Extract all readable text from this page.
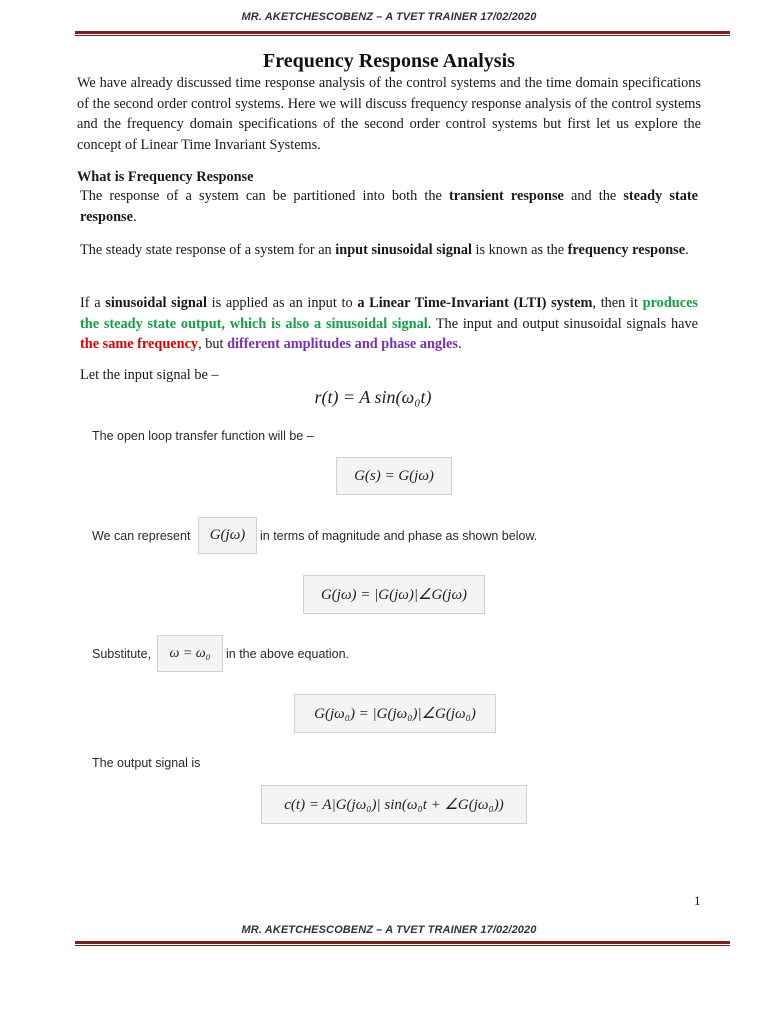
MR. AKETCHESCOBENZ – A TVET TRAINER 17/02/2020
Frequency Response Analysis
We have already discussed time response analysis of the control systems and the time domain specifications of the second order control systems. Here we will discuss frequency response analysis of the control systems and the frequency domain specifications of the second order control systems but first let us explore the concept of Linear Time Invariant Systems.
What is Frequency Response
The response of a system can be partitioned into both the transient response and the steady state response.
The steady state response of a system for an input sinusoidal signal is known as the frequency response.
If a sinusoidal signal is applied as an input to a Linear Time-Invariant (LTI) system, then it produces the steady state output, which is also a sinusoidal signal. The input and output sinusoidal signals have the same frequency, but different amplitudes and phase angles.
Let the input signal be –
r(t) = A sin(ω₀t)
The open loop transfer function will be –
G(s) = G(jω)
We can represent	G(jω)	in terms of magnitude and phase as shown below.
G(jω) = |G(jω)|∠G(jω)
Substitute,	ω = ω₀	in the above equation.
G(jω₀) = |G(jω₀)|∠G(jω₀)
The output signal is
c(t) = A|G(jω₀)| sin(ω₀t + ∠G(jω₀))
1
MR. AKETCHESCOBENZ – A TVET TRAINER 17/02/2020
